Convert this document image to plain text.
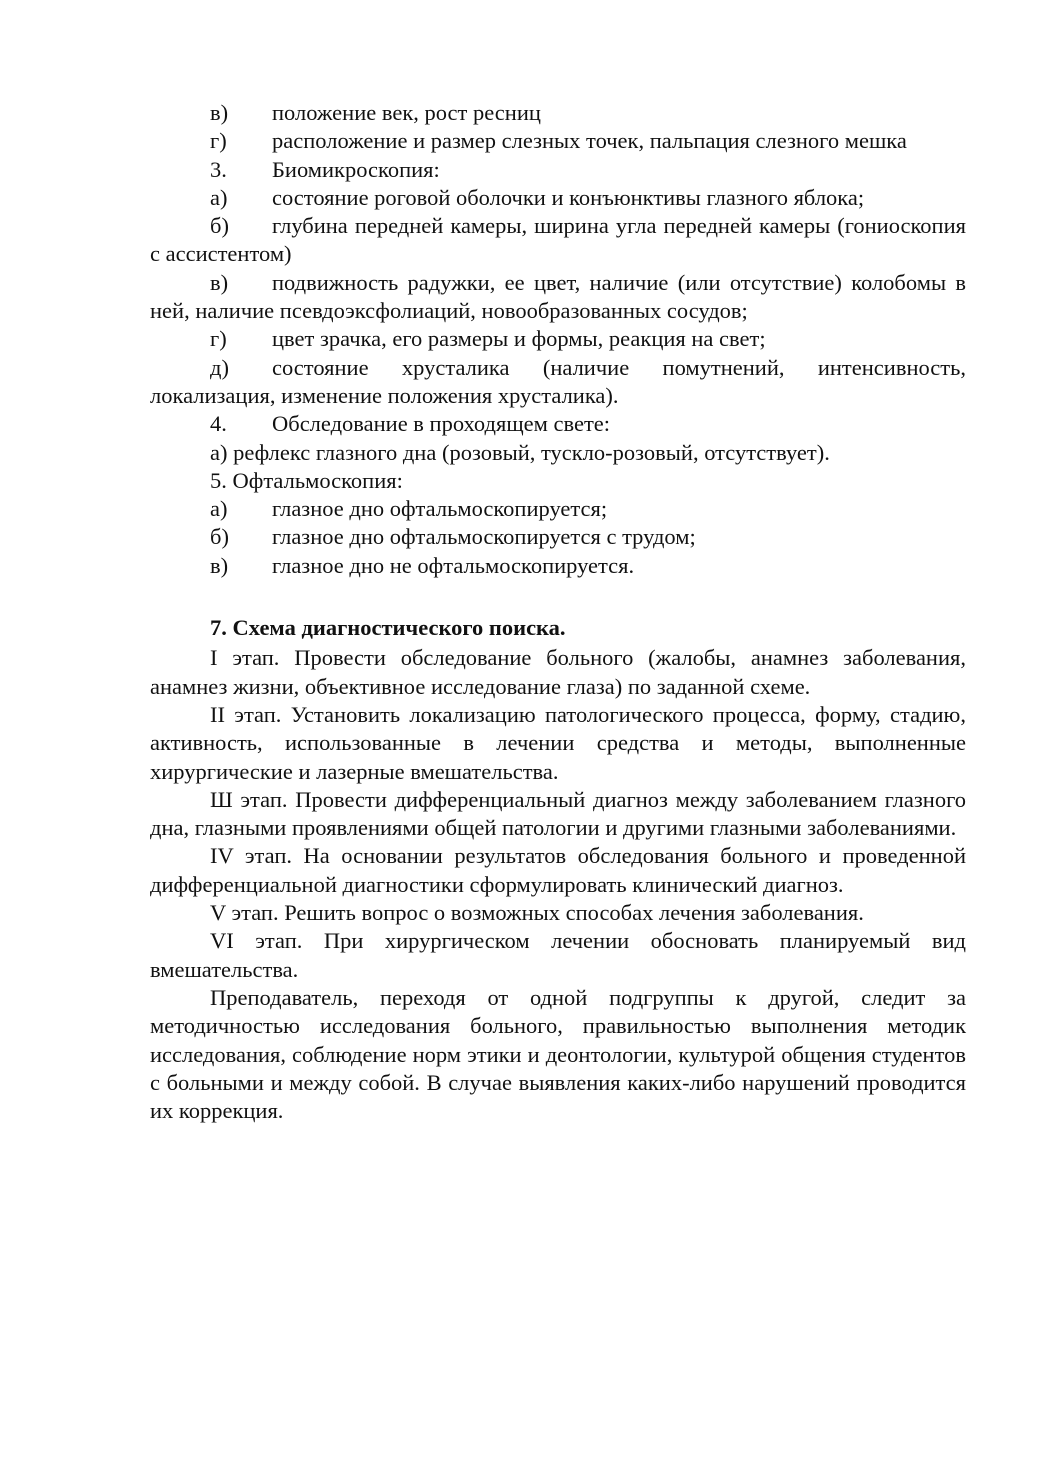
в) положение век, рост ресниц
г) расположение и размер слезных точек, пальпация слезного мешка
3. Биомикроскопия:
а) состояние роговой оболочки и конъюнктивы глазного яблока;
б) глубина передней камеры, ширина угла передней камеры (гониоскопия с ассистентом)
в) подвижность радужки, ее цвет, наличие (или отсутствие) колобомы в ней, наличие псевдоэксфолиаций, новообразованных сосудов;
г) цвет зрачка, его размеры и формы, реакция на свет;
д) состояние хрусталика (наличие помутнений, интенсивность, локализация, изменение положения хрусталика).
4. Обследование в проходящем свете:
а) рефлекс глазного дна (розовый, тускло-розовый, отсутствует).
5. Офтальмоскопия:
а) глазное дно офтальмоскопируется;
б) глазное дно офтальмоскопируется с трудом;
в) глазное дно не офтальмоскопируется.
7. Схема диагностического поиска.
I этап. Провести обследование больного (жалобы, анамнез заболевания, анамнез жизни, объективное исследование глаза) по заданной схеме.
II этап. Установить локализацию патологического процесса, форму, стадию, активность, использованные в лечении средства и методы, выполненные хирургические и лазерные вмешательства.
Ш этап. Провести дифференциальный диагноз между заболеванием глазного дна, глазными проявлениями общей патологии и другими глазными заболеваниями.
IV этап. На основании результатов обследования больного и проведенной дифференциальной диагностики сформулировать клинический диагноз.
V этап. Решить вопрос о возможных способах лечения заболевания.
VI этап. При хирургическом лечении обосновать планируемый вид вмешательства.
Преподаватель, переходя от одной подгруппы к другой, следит за методичностью исследования больного, правильностью выполнения методик исследования, соблюдение норм этики и деонтологии, культурой общения студентов с больными и между собой. В случае выявления каких-либо нарушений проводится их коррекция.
